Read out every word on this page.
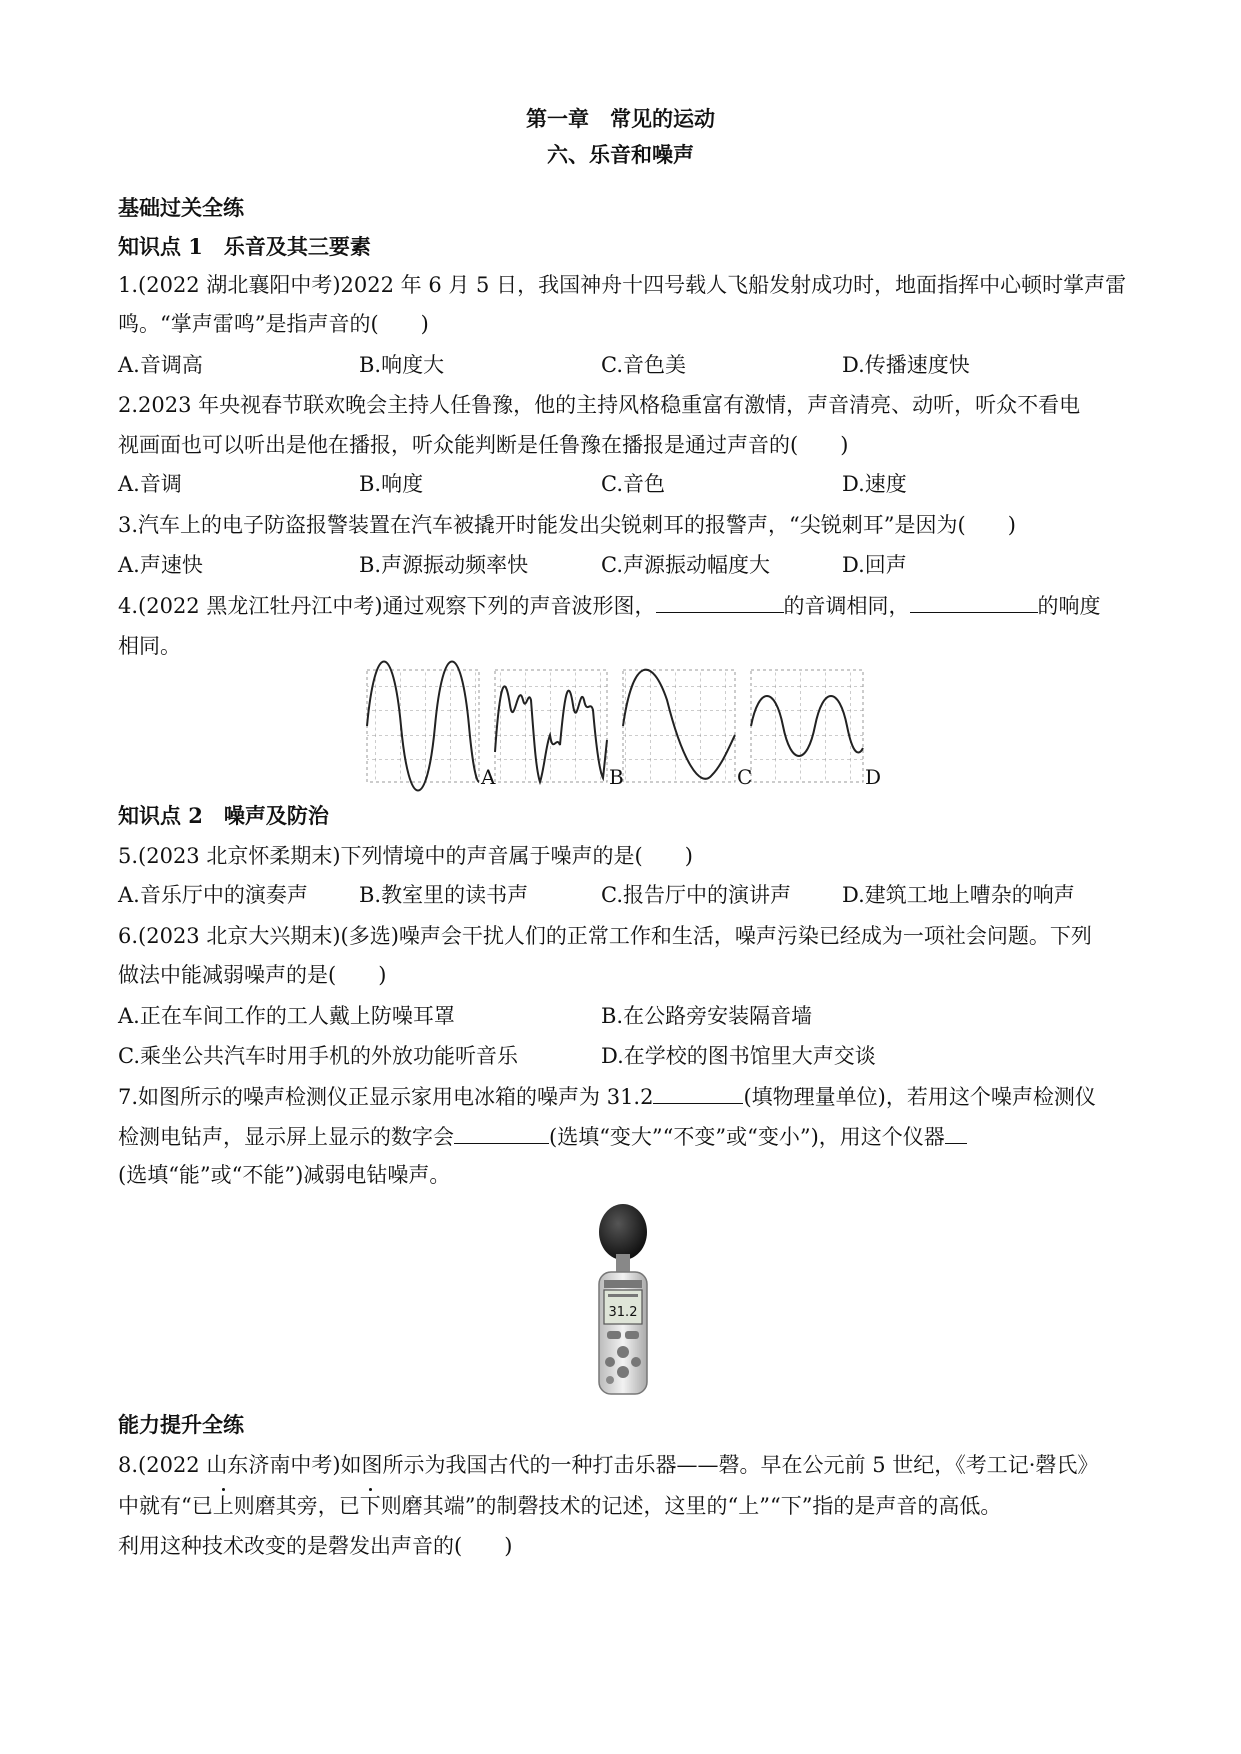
第一章　常见的运动
六、乐音和噪声
基础过关全练
知识点 1　乐音及其三要素
1.(2022 湖北襄阳中考)2022 年 6 月 5 日，我国神舟十四号载人飞船发射成功时，地面指挥中心顿时掌声雷
鸣。“掌声雷鸣”是指声音的(　　)
A.音调高	B.响度大	C.音色美	D.传播速度快
2.2023 年央视春节联欢晚会主持人任鲁豫，他的主持风格稳重富有激情，声音清亮、动听，听众不看电
视画面也可以听出是他在播报，听众能判断是任鲁豫在播报是通过声音的(　　)
A.音调	B.响度	C.音色	D.速度
3.汽车上的电子防盗报警装置在汽车被撬开时能发出尖锐刺耳的报警声，“尖锐刺耳”是因为(　　)
A.声速快	B.声源振动频率快	C.声源振动幅度大	D.回声
4.(2022 黑龙江牡丹江中考)通过观察下列的声音波形图，	的音调相同，	的响度
相同。
A	B	C	D
知识点 2　噪声及防治
5.(2023 北京怀柔期末)下列情境中的声音属于噪声的是(　　)
A.音乐厅中的演奏声 B.教室里的读书声	C.报告厅中的演讲声 D.建筑工地上嘈杂的响声
6.(2023 北京大兴期末)(多选)噪声会干扰人们的正常工作和生活，噪声污染已经成为一项社会问题。下列
做法中能减弱噪声的是(　　)
A.正在车间工作的工人戴上防噪耳罩	B.在公路旁安装隔音墙
C.乘坐公共汽车时用手机的外放功能听音乐	D.在学校的图书馆里大声交谈
7.如图所示的噪声检测仪正显示家用电冰箱的噪声为 31.2	(填物理量单位)，若用这个噪声检测仪
检测电钻声，显示屏上显示的数字会	(选填“变大”“不变”或“变小”)，用这个仪器
(选填“能”或“不能”)减弱电钻噪声。
31.2
能力提升全练
8.(2022 山东济南中考)如图所示为我国古代的一种打击乐器——磬。早在公元前 5 世纪，《考工记·磬氏》
中就有“已上则磨其旁，已下则磨其端”的制磬技术的记述，这里的“上”“下”指的是声音的高低。
利用这种技术改变的是磬发出声音的(　　)
